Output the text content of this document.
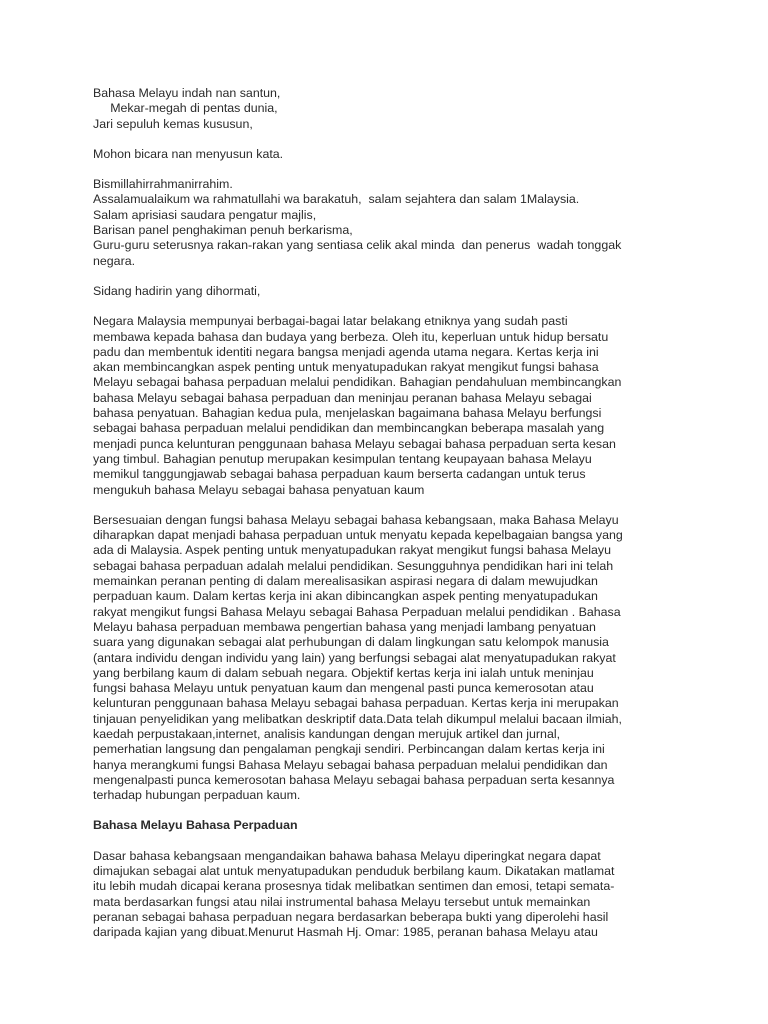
Bahasa Melayu indah nan santun,
Mekar-megah di pentas dunia,
Jari sepuluh kemas kususun,
Mohon bicara nan menyusun kata.
Bismillahirrahmanirrahim.
Assalamualaikum wa rahmatullahi wa barakatuh,  salam sejahtera dan salam 1Malaysia.
Salam aprisiasi saudara pengatur majlis,
Barisan panel penghakiman penuh berkarisma,
Guru-guru seterusnya rakan-rakan yang sentiasa celik akal minda  dan penerus  wadah tonggak
negara.
Sidang hadirin yang dihormati,
Negara Malaysia mempunyai berbagai-bagai latar belakang etniknya yang sudah pasti
membawa kepada bahasa dan budaya yang berbeza. Oleh itu, keperluan untuk hidup bersatu
padu dan membentuk identiti negara bangsa menjadi agenda utama negara. Kertas kerja ini
akan membincangkan aspek penting untuk menyatupadukan rakyat mengikut fungsi bahasa
Melayu sebagai bahasa perpaduan melalui pendidikan. Bahagian pendahuluan membincangkan
bahasa Melayu sebagai bahasa perpaduan dan meninjau peranan bahasa Melayu sebagai
bahasa penyatuan. Bahagian kedua pula, menjelaskan bagaimana bahasa Melayu berfungsi
sebagai bahasa perpaduan melalui pendidikan dan membincangkan beberapa masalah yang
menjadi punca kelunturan penggunaan bahasa Melayu sebagai bahasa perpaduan serta kesan
yang timbul. Bahagian penutup merupakan kesimpulan tentang keupayaan bahasa Melayu
memikul tanggungjawab sebagai bahasa perpaduan kaum berserta cadangan untuk terus
mengukuh bahasa Melayu sebagai bahasa penyatuan kaum
Bersesuaian dengan fungsi bahasa Melayu sebagai bahasa kebangsaan, maka Bahasa Melayu
diharapkan dapat menjadi bahasa perpaduan untuk menyatu kepada kepelbagaian bangsa yang
ada di Malaysia. Aspek penting untuk menyatupadukan rakyat mengikut fungsi bahasa Melayu
sebagai bahasa perpaduan adalah melalui pendidikan. Sesungguhnya pendidikan hari ini telah
memainkan peranan penting di dalam merealisasikan aspirasi negara di dalam mewujudkan
perpaduan kaum. Dalam kertas kerja ini akan dibincangkan aspek penting menyatupadukan
rakyat mengikut fungsi Bahasa Melayu sebagai Bahasa Perpaduan melalui pendidikan . Bahasa
Melayu bahasa perpaduan membawa pengertian bahasa yang menjadi lambang penyatuan
suara yang digunakan sebagai alat perhubungan di dalam lingkungan satu kelompok manusia
(antara individu dengan individu yang lain) yang berfungsi sebagai alat menyatupadukan rakyat
yang berbilang kaum di dalam sebuah negara. Objektif kertas kerja ini ialah untuk meninjau
fungsi bahasa Melayu untuk penyatuan kaum dan mengenal pasti punca kemerosotan atau
kelunturan penggunaan bahasa Melayu sebagai bahasa perpaduan. Kertas kerja ini merupakan
tinjauan penyelidikan yang melibatkan deskriptif data.Data telah dikumpul melalui bacaan ilmiah,
kaedah perpustakaan,internet, analisis kandungan dengan merujuk artikel dan jurnal,
pemerhatian langsung dan pengalaman pengkaji sendiri. Perbincangan dalam kertas kerja ini
hanya merangkumi fungsi Bahasa Melayu sebagai bahasa perpaduan melalui pendidikan dan
mengenalpasti punca kemerosotan bahasa Melayu sebagai bahasa perpaduan serta kesannya
terhadap hubungan perpaduan kaum.
Bahasa Melayu Bahasa Perpaduan
Dasar bahasa kebangsaan mengandaikan bahawa bahasa Melayu diperingkat negara dapat
dimajukan sebagai alat untuk menyatupadukan penduduk berbilang kaum. Dikatakan matlamat
itu lebih mudah dicapai kerana prosesnya tidak melibatkan sentimen dan emosi, tetapi semata-
mata berdasarkan fungsi atau nilai instrumental bahasa Melayu tersebut untuk memainkan
peranan sebagai bahasa perpaduan negara berdasarkan beberapa bukti yang diperolehi hasil
daripada kajian yang dibuat.Menurut Hasmah Hj. Omar: 1985, peranan bahasa Melayu atau
